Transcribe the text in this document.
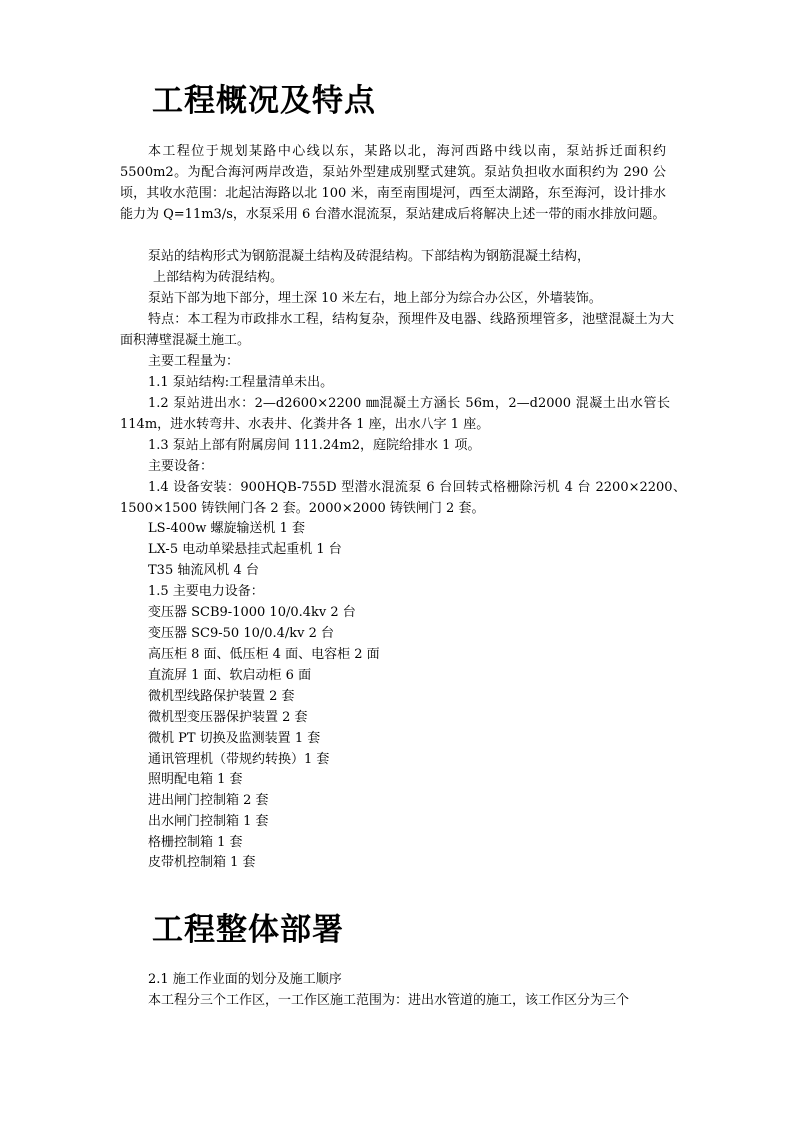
工程概况及特点
本工程位于规划某路中心线以东，某路以北，海河西路中线以南，泵站拆迁面积约5500m2。为配合海河两岸改造，泵站外型建成别墅式建筑。泵站负担收水面积约为 290 公顷，其收水范围：北起沽海路以北 100 米，南至南围堤河，西至太湖路，东至海河，设计排水能力为 Q=11m3/s，水泵采用 6 台潜水混流泵，泵站建成后将解决上述一带的雨水排放问题。
泵站的结构形式为钢筋混凝土结构及砖混结构。下部结构为钢筋混凝土结构，
上部结构为砖混结构。
泵站下部为地下部分，埋土深 10 米左右，地上部分为综合办公区，外墙装饰。
特点：本工程为市政排水工程，结构复杂，预埋件及电器、线路预埋管多，池壁混凝土为大面积薄壁混凝土施工。
主要工程量为：
1.1 泵站结构:工程量清单未出。
1.2 泵站进出水：2—d2600×2200 ㎜混凝土方涵长 56m，2—d2000 混凝土出水管长 114m，进水转弯井、水表井、化粪井各 1 座，出水八字 1 座。
1.3 泵站上部有附属房间 111.24m2，庭院给排水 1 项。
主要设备：
1.4 设备安装：900HQB-755D 型潜水混流泵 6 台回转式格栅除污机 4 台 2200×2200、1500×1500 铸铁闸门各 2 套。2000×2000 铸铁闸门 2 套。
LS-400w 螺旋输送机 1 套
LX-5 电动单梁悬挂式起重机 1 台
T35 轴流风机 4 台
1.5 主要电力设备：
变压器 SCB9-1000 10/0.4kv 2 台
变压器 SC9-50 10/0.4/kv 2 台
高压柜 8 面、低压柜 4 面、电容柜 2 面
直流屏 1 面、软启动柜 6 面
微机型线路保护装置 2 套
微机型变压器保护装置 2 套
微机 PT 切换及监测装置 1 套
通讯管理机（带规约转换）1 套
照明配电箱 1 套
进出闸门控制箱 2 套
出水闸门控制箱 1 套
格栅控制箱 1 套
皮带机控制箱 1 套
工程整体部署
2.1 施工作业面的划分及施工顺序
本工程分三个工作区，一工作区施工范围为：进出水管道的施工，该工作区分为三个
